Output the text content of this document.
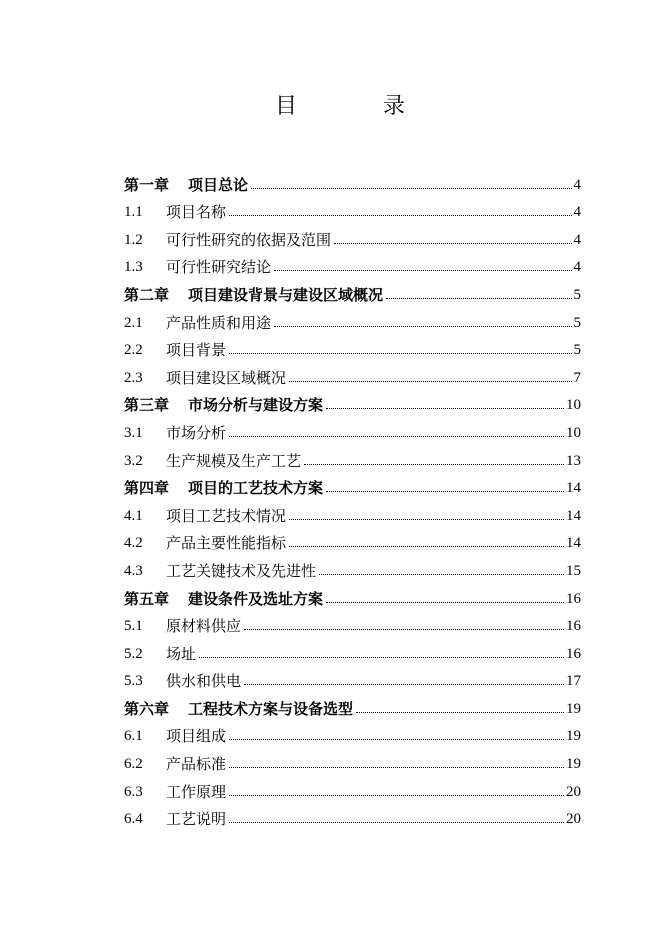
目	录
第一章 项目总论	4
1.1	项目名称	4
1.2	可行性研究的依据及范围	4
1.3	可行性研究结论	4
第二章 项目建设背景与建设区域概况	5
2.1	产品性质和用途	5
2.2	项目背景	5
2.3	项目建设区域概况	7
第三章 市场分析与建设方案	10
3.1	市场分析	10
3.2	生产规模及生产工艺	13
第四章 项目的工艺技术方案	14
4.1	项目工艺技术情况	14
4.2	产品主要性能指标	14
4.3	工艺关键技术及先进性	15
第五章 建设条件及选址方案	16
5.1	原材料供应	16
5.2	场址	16
5.3	供水和供电	17
第六章 工程技术方案与设备选型	19
6.1	项目组成	19
6.2	产品标准	19
6.3	工作原理	20
6.4	工艺说明	20
